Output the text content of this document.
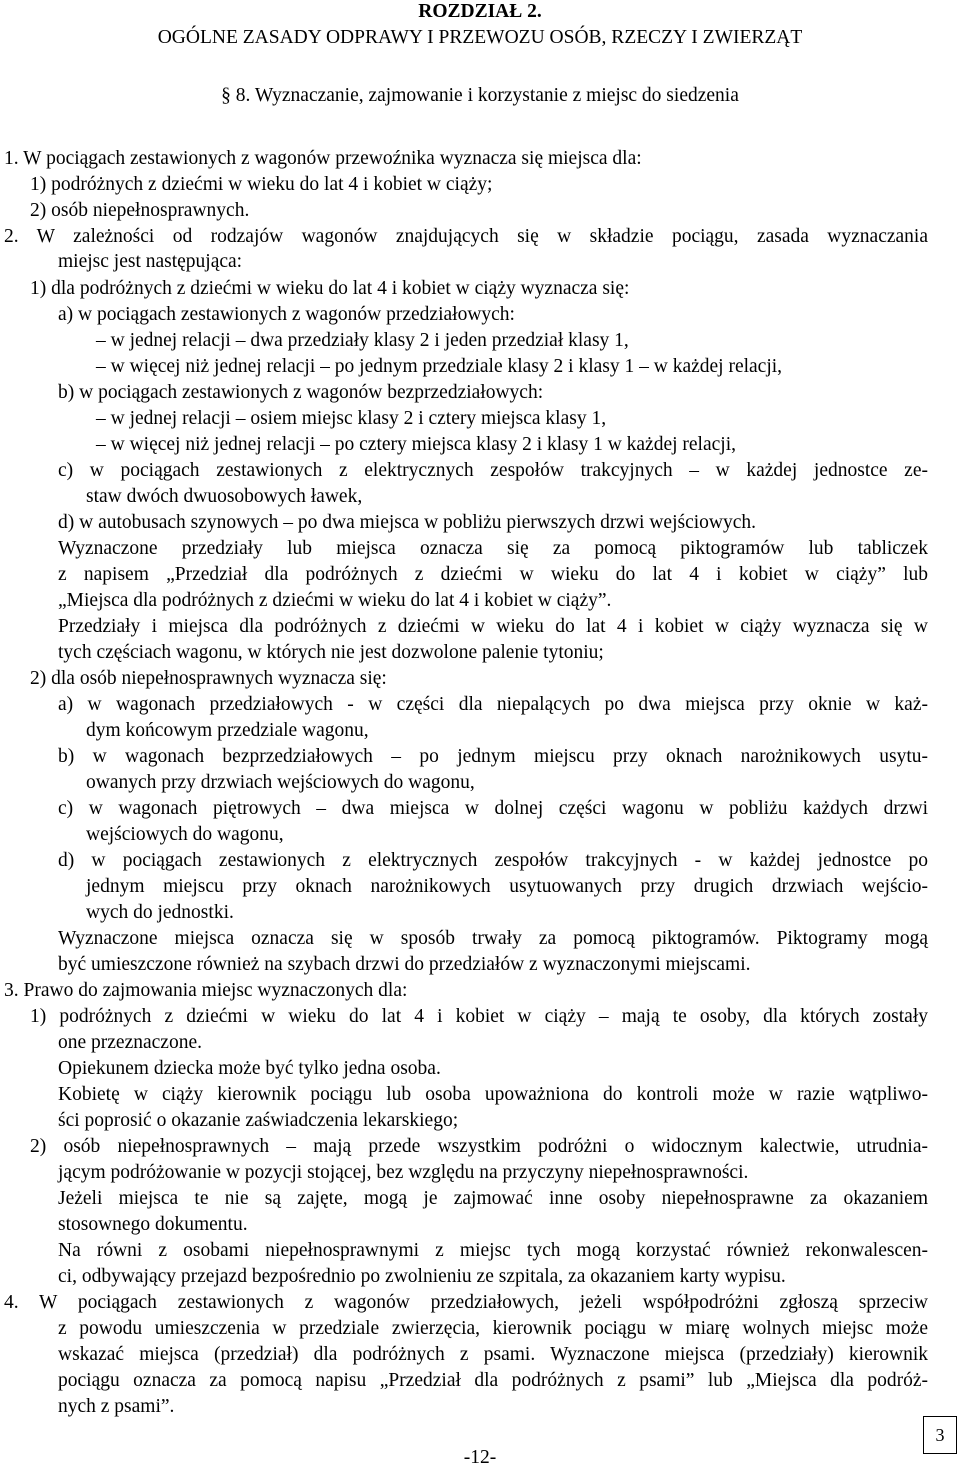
ROZDZIAŁ 2.
OGÓLNE ZASADY ODPRAWY I PRZEWOZU OSÓB, RZECZY I ZWIERZĄT
§ 8. Wyznaczanie, zajmowanie i korzystanie z miejsc do siedzenia
1. W pociągach zestawionych z wagonów przewoźnika wyznacza się miejsca dla:
1) podróżnych z dziećmi w wieku do lat 4 i kobiet w ciąży;
2) osób niepełnosprawnych.
2. W zależności od rodzajów wagonów znajdujących się w składzie pociągu, zasada wyznaczania
miejsc jest następująca:
1) dla podróżnych z dziećmi w wieku do lat 4 i kobiet w ciąży wyznacza się:
a) w pociągach zestawionych z wagonów przedziałowych:
– w jednej relacji – dwa przedziały klasy 2 i jeden przedział klasy 1,
– w więcej niż jednej relacji – po jednym przedziale klasy 2 i klasy 1 – w każdej relacji,
b) w pociągach zestawionych z wagonów bezprzedziałowych:
– w jednej relacji – osiem miejsc klasy 2 i cztery miejsca klasy 1,
– w więcej niż jednej relacji – po cztery miejsca klasy 2 i klasy 1 w każdej relacji,
c) w pociągach zestawionych z elektrycznych zespołów trakcyjnych – w każdej jednostce ze-
staw dwóch dwuosobowych ławek,
d) w autobusach szynowych – po dwa miejsca w pobliżu pierwszych drzwi wejściowych.
Wyznaczone przedziały lub miejsca oznacza się za pomocą piktogramów lub tabliczek
z napisem „Przedział dla podróżnych z dziećmi w wieku do lat 4 i kobiet w ciąży” lub
„Miejsca dla podróżnych z dziećmi w wieku do lat 4 i kobiet w ciąży”.
Przedziały i miejsca dla podróżnych z dziećmi w wieku do lat 4 i kobiet w ciąży wyznacza się w
tych częściach wagonu, w których nie jest dozwolone palenie tytoniu;
2) dla osób niepełnosprawnych wyznacza się:
a) w wagonach przedziałowych - w części dla niepalących po dwa miejsca przy oknie w każ-
dym końcowym przedziale wagonu,
b) w wagonach bezprzedziałowych – po jednym miejscu przy oknach narożnikowych usytu-
owanych przy drzwiach wejściowych do wagonu,
c) w wagonach piętrowych – dwa miejsca w dolnej części wagonu w pobliżu każdych drzwi
wejściowych do wagonu,
d) w pociągach zestawionych z elektrycznych zespołów trakcyjnych - w każdej jednostce po
jednym miejscu przy oknach narożnikowych usytuowanych przy drugich drzwiach wejścio-
wych do jednostki.
Wyznaczone miejsca oznacza się w sposób trwały za pomocą piktogramów. Piktogramy mogą
być umieszczone również na szybach drzwi do przedziałów z wyznaczonymi miejscami.
3. Prawo do zajmowania miejsc wyznaczonych dla:
1) podróżnych z dziećmi w wieku do lat 4 i kobiet w ciąży – mają te osoby, dla których zostały
one przeznaczone.
Opiekunem dziecka może być tylko jedna osoba.
Kobietę w ciąży kierownik pociągu lub osoba upoważniona do kontroli może w razie wątpliwo-
ści poprosić o okazanie zaświadczenia lekarskiego;
2) osób niepełnosprawnych – mają przede wszystkim podróżni o widocznym kalectwie, utrudnia-
jącym podróżowanie w pozycji stojącej, bez względu na przyczyny niepełnosprawności.
Jeżeli miejsca te nie są zajęte, mogą je zajmować inne osoby niepełnosprawne za okazaniem
stosownego dokumentu.
Na równi z osobami niepełnosprawnymi z miejsc tych mogą korzystać również rekonwalescen-
ci, odbywający przejazd bezpośrednio po zwolnieniu ze szpitala, za okazaniem karty wypisu.
4. W pociągach zestawionych z wagonów przedziałowych, jeżeli współpodróżni zgłoszą sprzeciw
z powodu umieszczenia w przedziale zwierzęcia, kierownik pociągu w miarę wolnych miejsc może
wskazać miejsca (przedział) dla podróżnych z psami. Wyznaczone miejsca (przedziały) kierownik
pociągu oznacza za pomocą napisu „Przedział dla podróżnych z psami” lub „Miejsca dla podróż-
nych z psami”.
-12-
3
